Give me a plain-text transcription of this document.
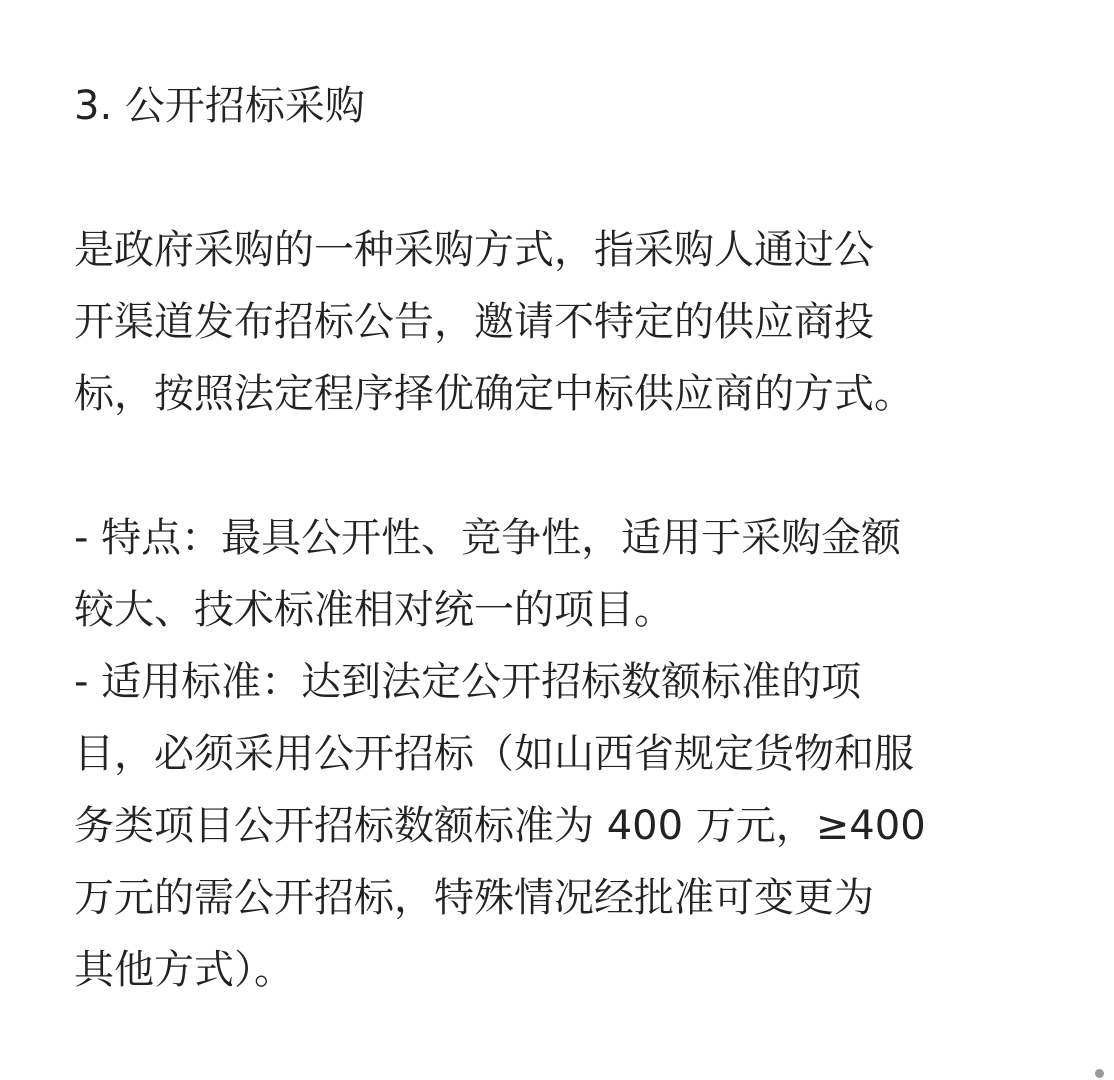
3. 公开招标采购
是政府采购的一种采购方式，指采购人通过公
开渠道发布招标公告，邀请不特定的供应商投
标，按照法定程序择优确定中标供应商的方式。
- 特点：最具公开性、竞争性，适用于采购金额
较大、技术标准相对统一的项目。
- 适用标准：达到法定公开招标数额标准的项
目，必须采用公开招标（如山西省规定货物和服
务类项目公开招标数额标准为 400 万元，≥400
万元的需公开招标，特殊情况经批准可变更为
其他方式）。
